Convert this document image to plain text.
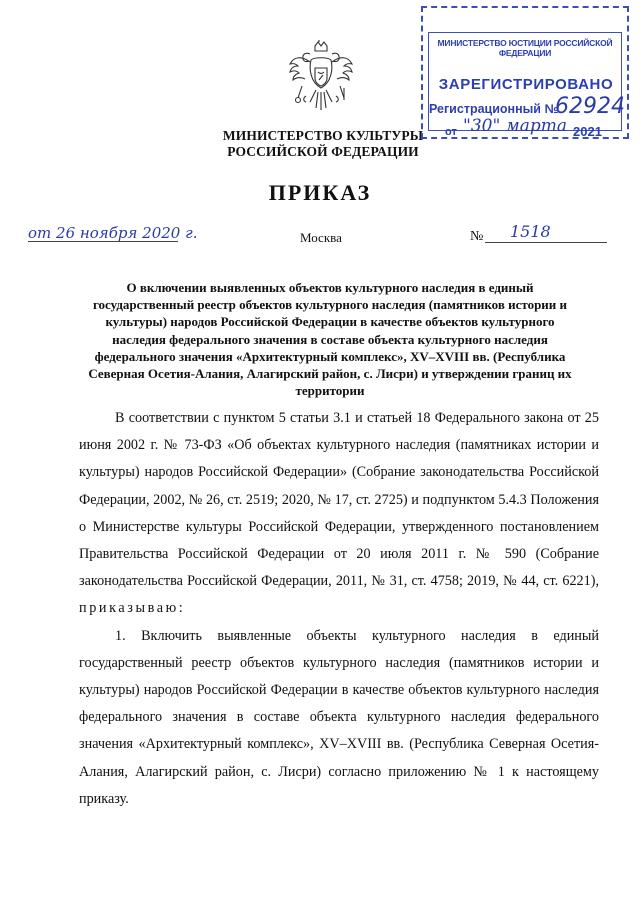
МИНИСТЕРСТВО КУЛЬТУРЫ
РОССИЙСКОЙ ФЕДЕРАЦИИ
МИНИСТЕРСТВО ЮСТИЦИИ РОССИЙСКОЙ ФЕДЕРАЦИИ
ЗАРЕГИСТРИРОВАНО
Регистрационный №
62924
от "30" марта 2021
ПРИКАЗ
от 26 ноября 2020 г.	Москва	№ 1518
О включении выявленных объектов культурного наследия в единый государственный реестр объектов культурного наследия (памятников истории и культуры) народов Российской Федерации в качестве объектов культурного наследия федерального значения в составе объекта культурного наследия федерального значения «Архитектурный комплекс», XV–XVIII вв. (Республика Северная Осетия-Алания, Алагирский район, с. Лисри) и утверждении границ их территории

В соответствии с пунктом 5 статьи 3.1 и статьей 18 Федерального закона от 25 июня 2002 г. № 73-ФЗ «Об объектах культурного наследия (памятниках истории и культуры) народов Российской Федерации» (Собрание законодательства Российской Федерации, 2002, № 26, ст. 2519; 2020, № 17, ст. 2725) и подпунктом 5.4.3 Положения о Министерстве культуры Российской Федерации, утвержденного постановлением Правительства Российской Федерации от 20 июля 2011 г. № 590 (Собрание законодательства Российской Федерации, 2011, № 31, ст. 4758; 2019, № 44, ст. 6221), приказываю:

1. Включить выявленные объекты культурного наследия в единый государственный реестр объектов культурного наследия (памятников истории и культуры) народов Российской Федерации в качестве объектов культурного наследия федерального значения в составе объекта культурного наследия федерального значения «Архитектурный комплекс», XV–XVIII вв. (Республика Северная Осетия-Алания, Алагирский район, с. Лисри) согласно приложению № 1 к настоящему приказу.
